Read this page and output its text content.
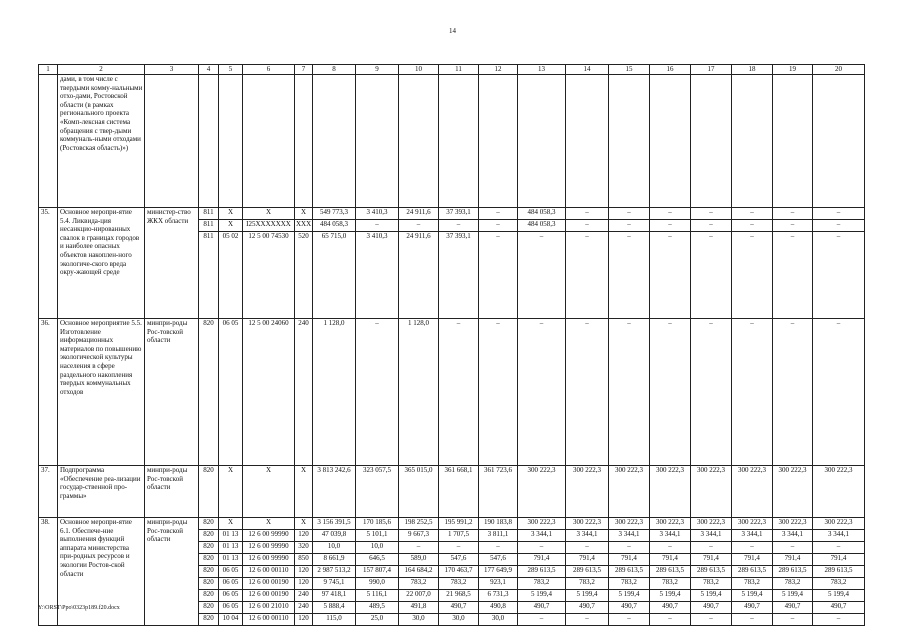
14
1	2	3	4	5	6	7	8	9	10	11	12	13	14	15	16	17	18	19	20
	дами, в том числе с твердыми комму-нальными отхо-дами, Ростовской области (в рамках регионального проекта «Комп-лексная система обращения с твер-дыми коммуналь-ными отходами (Ростовская область)»)																		
35.	Основное меропри-ятие 5.4. Ликвида-ция несанкцио-нированных свалок в границах городов и наиболее опасных объектов накоплен-ного экологиче-ского вреда окру-жающей среде	министер-ство ЖКХ области	811	Х	Х	Х	549 773,3	3 410,3	24 911,6	37 393,1	–	484 058,3	–	–	–	–	–	–	–
			811	Х	I25XXXXXXX	XXX	484 058,3	–	–	–	–	484 058,3	–	–	–	–	–	–	–
			811	05 02	12 5 00 74530	520	65 715,0	3 410,3	24 911,6	37 393,1	–	–	–	–	–	–	–	–	–
36.	Основное мероприятие 5.5. Изготовление информационных материалов по повышению экологической культуры населения в сфере раздельного накопления твердых коммунальных отходов	минпри-роды Рос-товской области	820	06 05	12 5 00 24060	240	1 128,0	–	1 128,0	–	–	–	–	–	–	–	–	–	–
37.	Подпрограмма «Обеспечение реа-лизации государ-ственной про-граммы»	минпри-роды Рос-товской области	820	Х	Х	Х	3 813 242,6	323 057,5	365 015,0	361 668,1	361 723,6	300 222,3	300 222,3	300 222,3	300 222,3	300 222,3	300 222,3	300 222,3	300 222,3
38.	Основное меропри-ятие 6.1. Обеспече-ние выполнения функций аппарата министерства при-родных ресурсов и экологии Ростов-ской области	минпри-роды Рос-товской области	820	Х	Х	Х	3 156 391,5	170 185,6	198 252,5	195 991,2	190 183,8	300 222,3	300 222,3	300 222,3	300 222,3	300 222,3	300 222,3	300 222,3	300 222,3
			820	01 13	12 6 00 99990	120	47 039,8	5 101,1	9 667,3	1 707,5	3 811,1	3 344,1	3 344,1	3 344,1	3 344,1	3 344,1	3 344,1	3 344,1	3 344,1
			820	01 13	12 6 00 99990	320	10,0	10,0	–	–	–	–	–	–	–	–	–	–	–
			820	01 13	12 6 00 99990	850	8 661,9	646,5	589,0	547,6	547,6	791,4	791,4	791,4	791,4	791,4	791,4	791,4	791,4
			820	06 05	12 6 00 00110	120	2 987 513,2	157 807,4	164 684,2	170 463,7	177 649,9	289 613,5	289 613,5	289 613,5	289 613,5	289 613,5	289 613,5	289 613,5	289 613,5
			820	06 05	12 6 00 00190	120	9 745,1	990,0	783,2	783,2	923,1	783,2	783,2	783,2	783,2	783,2	783,2	783,2	783,2
			820	06 05	12 6 00 00190	240	97 418,1	5 116,1	22 007,0	21 968,5	6 731,3	5 199,4	5 199,4	5 199,4	5 199,4	5 199,4	5 199,4	5 199,4	5 199,4
			820	06 05	12 6 00 21010	240	5 888,4	489,5	491,8	490,7	490,8	490,7	490,7	490,7	490,7	490,7	490,7	490,7	490,7
			820	10 04	12 6 00 00110	120	115,0	25,0	30,0	30,0	30,0	–	–	–	–	–	–	–	–
Y:\ORST\Ppo\0323p189.f20.docx
